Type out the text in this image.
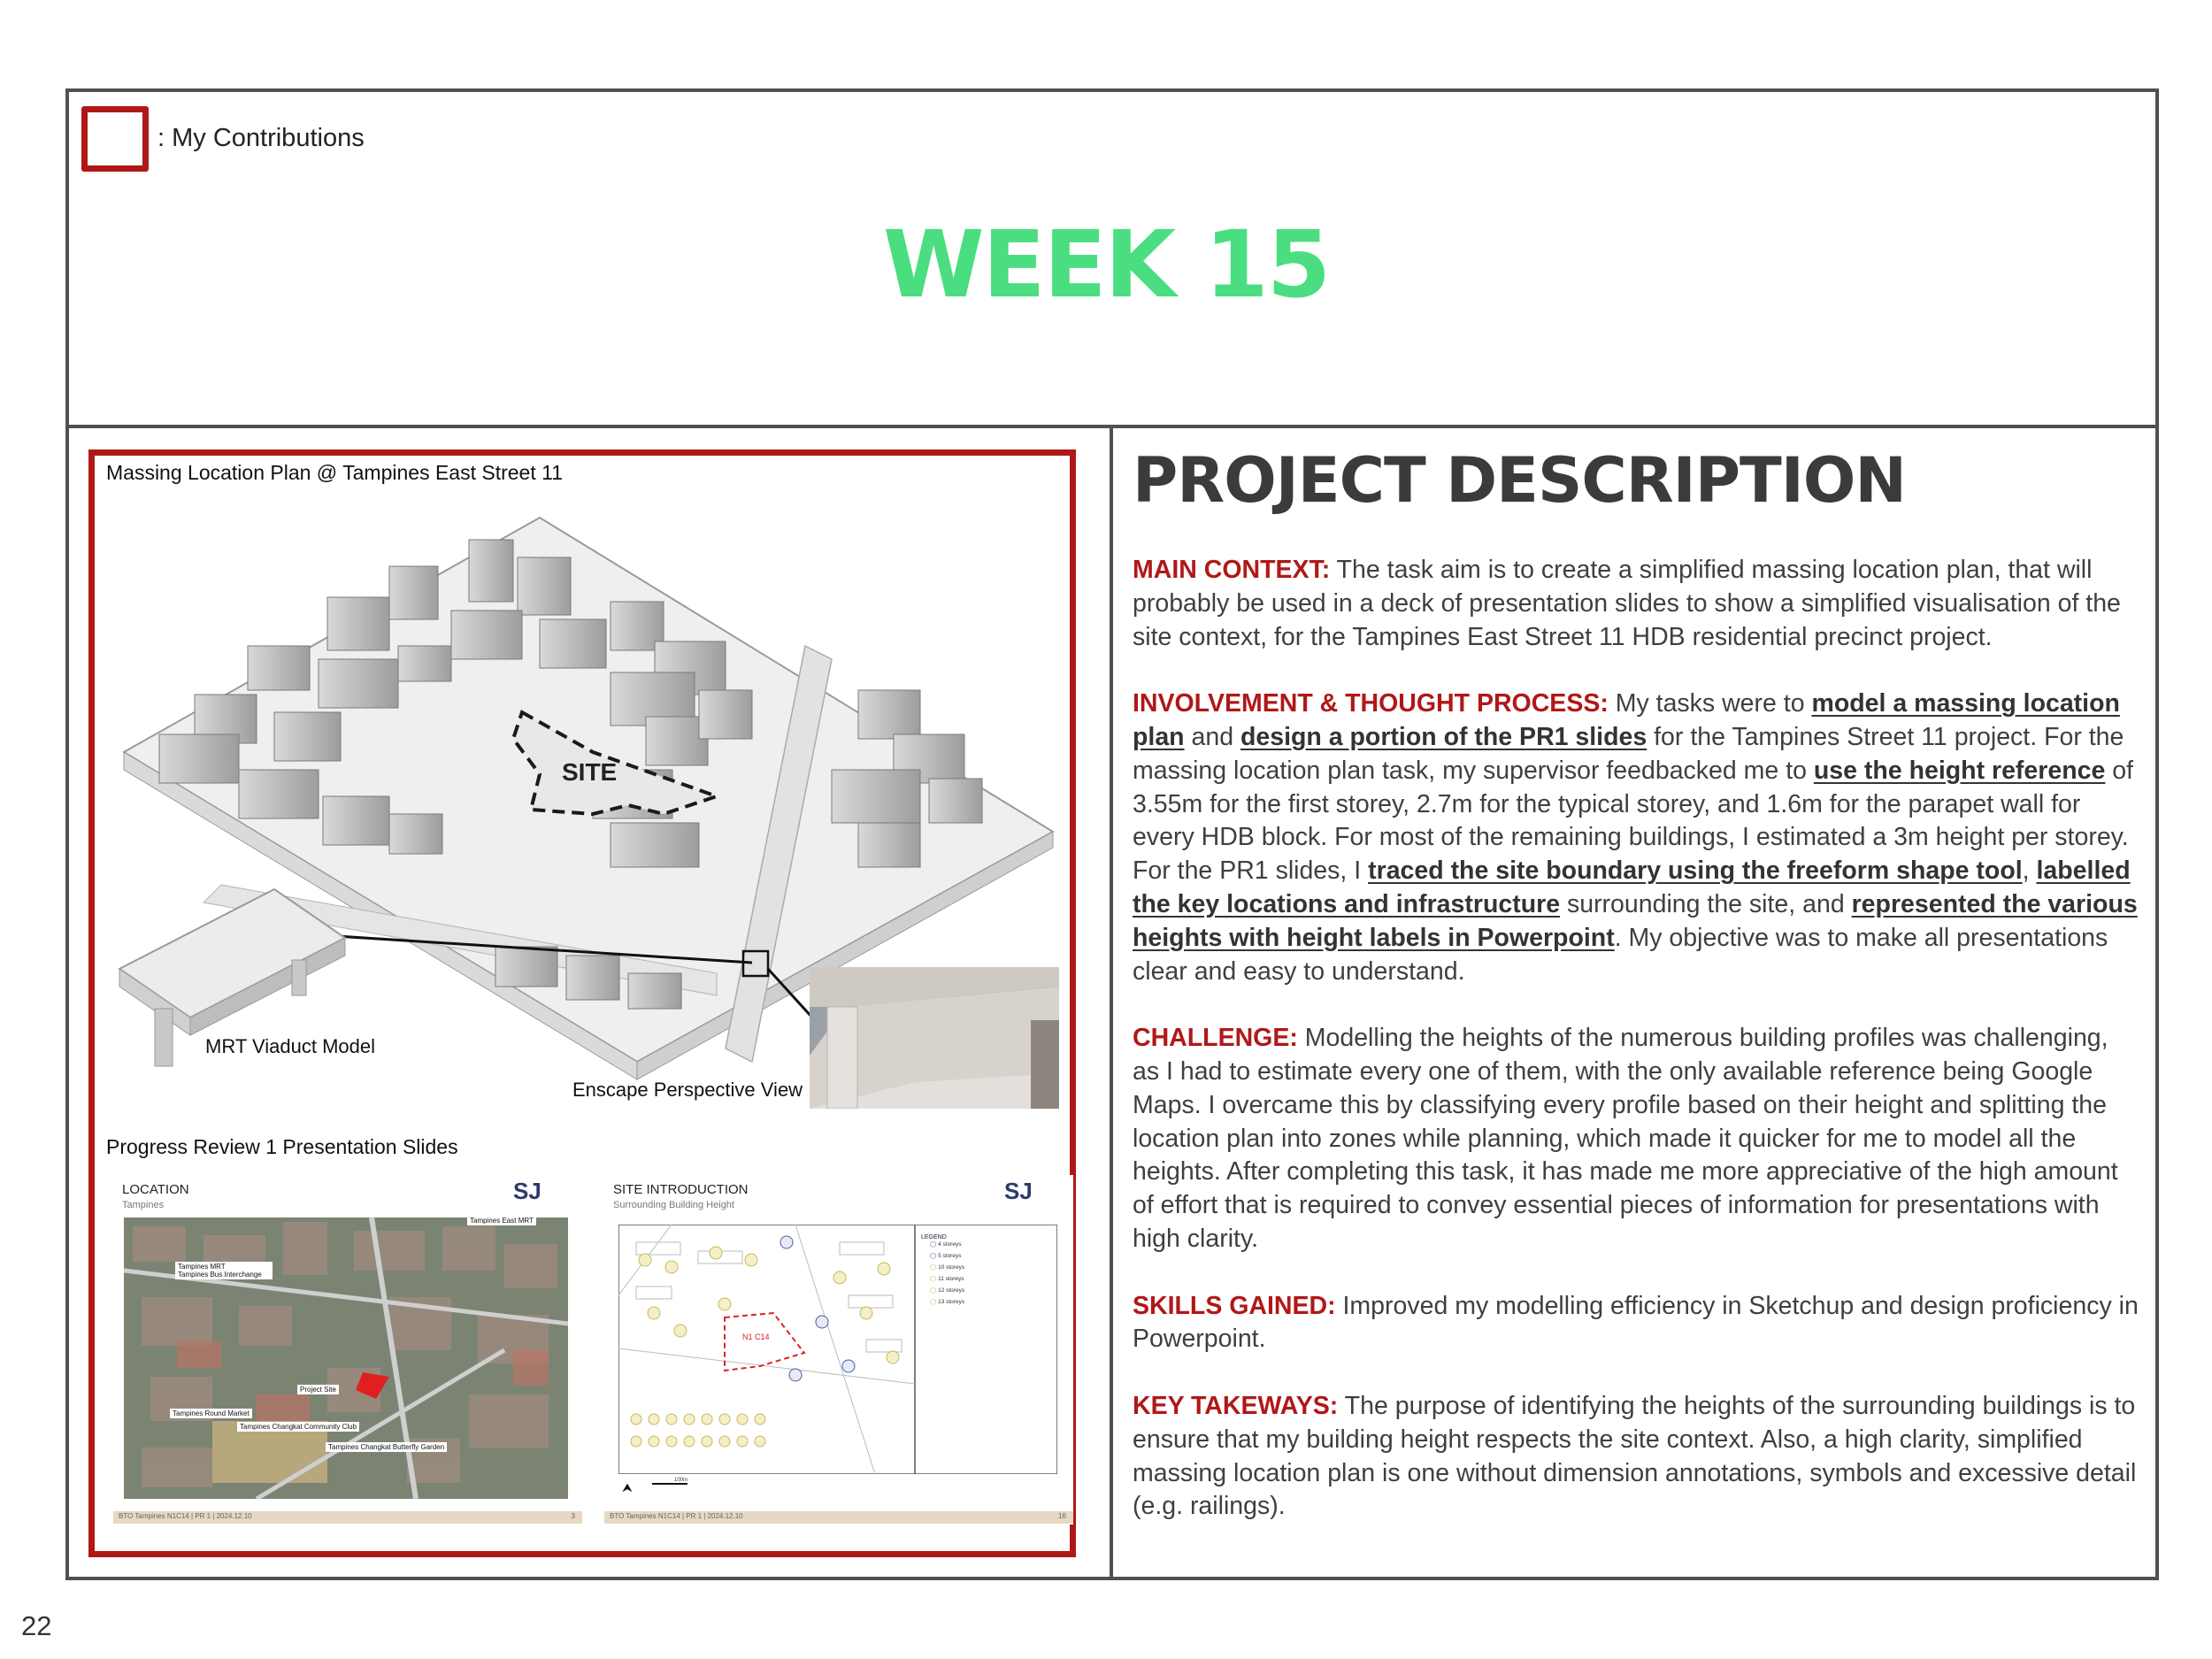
: My Contributions
WEEK 15
Massing Location Plan @ Tampines East Street 11
SITE
MRT Viaduct Model
Enscape Perspective View
Progress Review 1 Presentation Slides
LOCATION
Tampines
SJ
Tampines East MRT
Tampines MRT
Tampines Bus Interchange
Project Site
Tampines Round Market
Tampines Changkat Community Club
Tampines Changkat Butterfly Garden
BTO Tampines N1C14 | PR 1 | 2024.12.10	3
SITE INTRODUCTION
Surrounding Building Height
SJ
N1 C14
LEGEND
◯ 4 storeys
◯ 5 storeys
◯ 10 storeys
◯ 11 storeys
◯ 12 storeys
◯ 13 storeys
⮝	100m
BTO Tampines N1C14 | PR 1 | 2024.12.10	16
PROJECT DESCRIPTION

MAIN CONTEXT: The task aim is to create a simplified massing location plan, that will probably be used in a deck of presentation slides to show a simplified visualisation of the site context, for the Tampines East Street 11 HDB residential precinct project.

INVOLVEMENT & THOUGHT PROCESS: My tasks were to model a massing location plan and design a portion of the PR1 slides for the Tampines Street 11 project. For the massing location plan task, my supervisor feedbacked me to use the height reference of 3.55m for the first storey, 2.7m for the typical storey, and 1.6m for the parapet wall for every HDB block. For most of the remaining buildings, I estimated a 3m height per storey. For the PR1 slides, I traced the site boundary using the freeform shape tool, labelled the key locations and infrastructure surrounding the site, and represented the various heights with height labels in Powerpoint. My objective was to make all presentations clear and easy to understand.

CHALLENGE: Modelling the heights of the numerous building profiles was challenging, as I had to estimate every one of them, with the only available reference being Google Maps. I overcame this by classifying every profile based on their height and splitting the location plan into zones while planning, which made it quicker for me to model all the heights. After completing this task, it has made me more appreciative of the high amount of effort that is required to convey essential pieces of information for presentations with high clarity.

SKILLS GAINED: Improved my modelling efficiency in Sketchup and design proficiency in Powerpoint.

KEY TAKEWAYS: The purpose of identifying the heights of the surrounding buildings is to ensure that my building height respects the site context. Also, a high clarity, simplified massing location plan is one without dimension annotations, symbols and excessive detail (e.g. railings).

22
